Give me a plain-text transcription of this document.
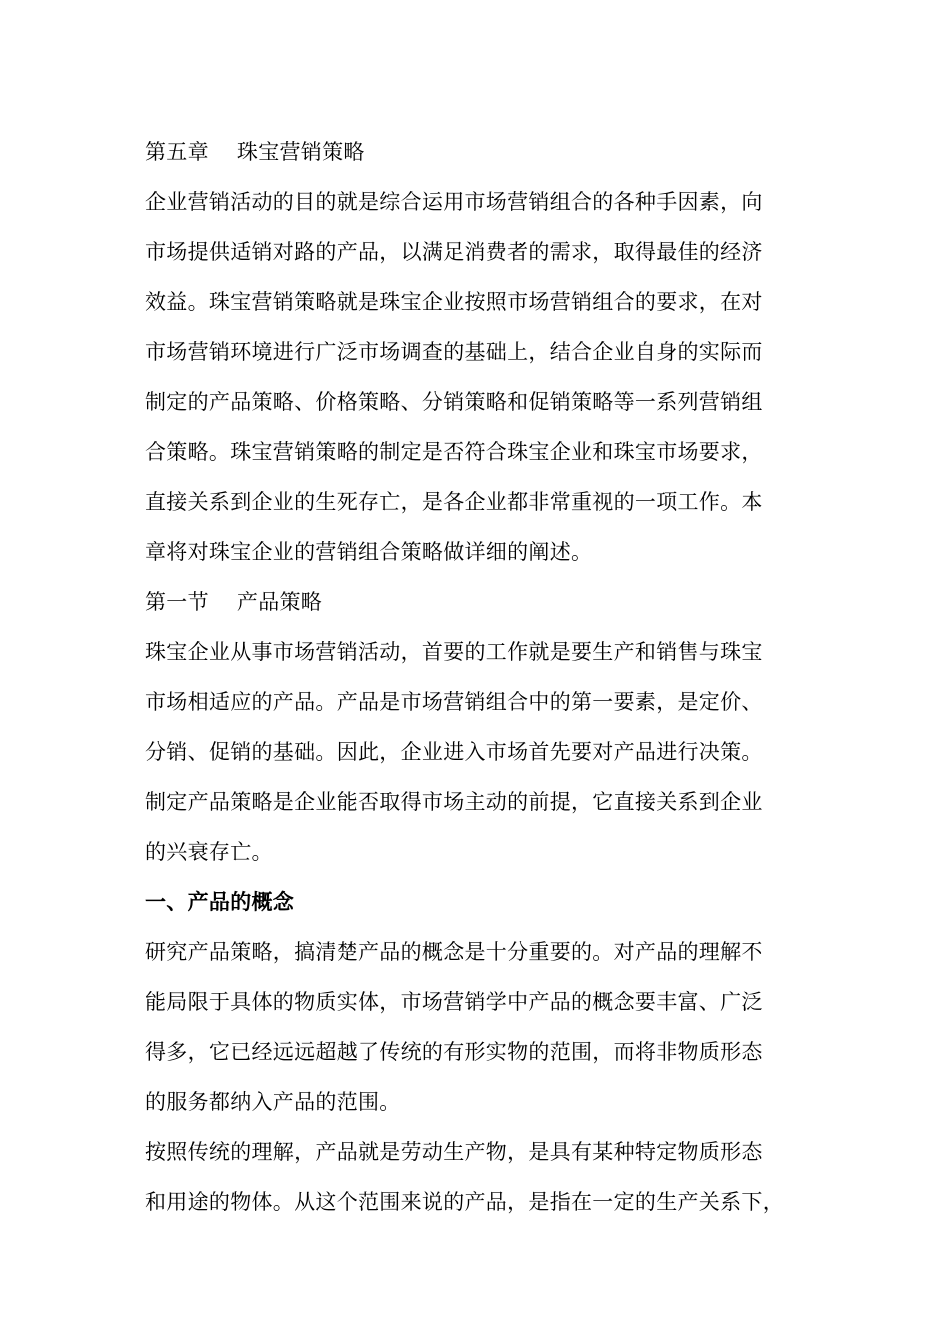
第五章 珠宝营销策略
企业营销活动的目的就是综合运用市场营销组合的各种手因素，向
市场提供适销对路的产品，以满足消费者的需求，取得最佳的经济
效益。珠宝营销策略就是珠宝企业按照市场营销组合的要求，在对
市场营销环境进行广泛市场调查的基础上，结合企业自身的实际而
制定的产品策略、价格策略、分销策略和促销策略等一系列营销组
合策略。珠宝营销策略的制定是否符合珠宝企业和珠宝市场要求，
直接关系到企业的生死存亡，是各企业都非常重视的一项工作。本
章将对珠宝企业的营销组合策略做详细的阐述。
第一节 产品策略
珠宝企业从事市场营销活动，首要的工作就是要生产和销售与珠宝
市场相适应的产品。产品是市场营销组合中的第一要素，是定价、
分销、促销的基础。因此，企业进入市场首先要对产品进行决策。
制定产品策略是企业能否取得市场主动的前提，它直接关系到企业
的兴衰存亡。
一、产品的概念
研究产品策略，搞清楚产品的概念是十分重要的。对产品的理解不
能局限于具体的物质实体，市场营销学中产品的概念要丰富、广泛
得多，它已经远远超越了传统的有形实物的范围，而将非物质形态
的服务都纳入产品的范围。
按照传统的理解，产品就是劳动生产物，是具有某种特定物质形态
和用途的物体。从这个范围来说的产品，是指在一定的生产关系下，
